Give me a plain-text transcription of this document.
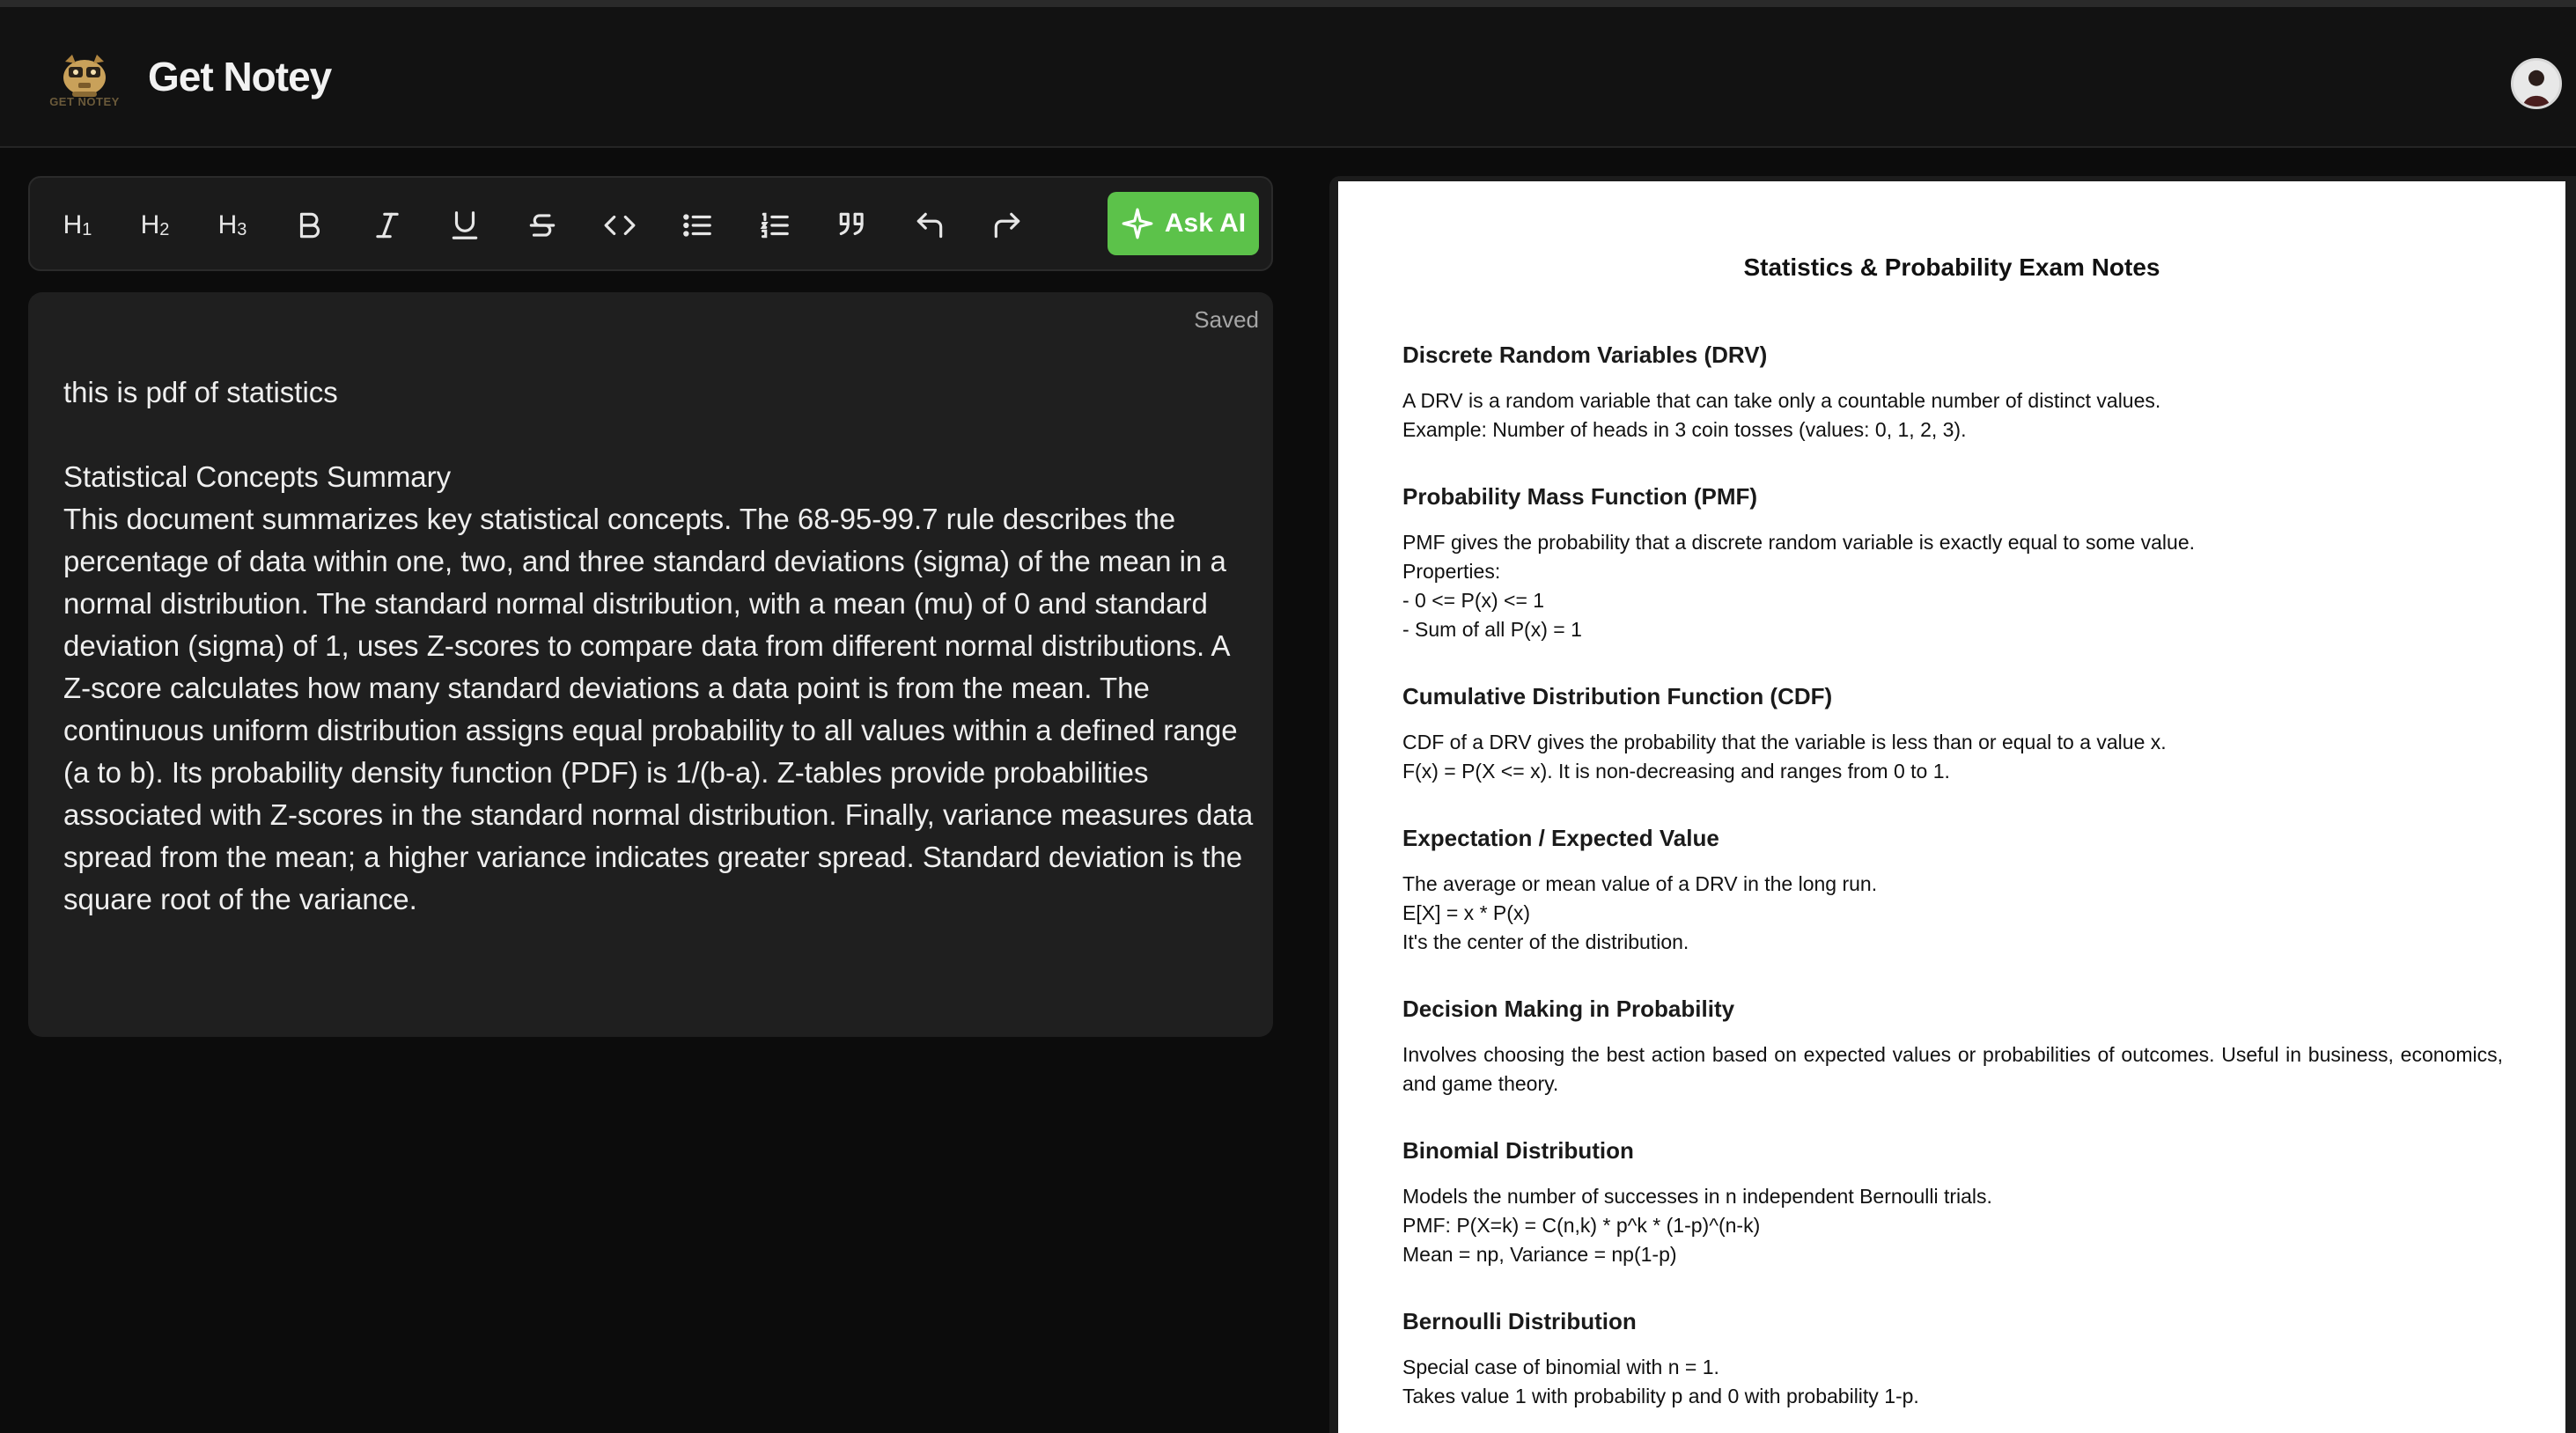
GET NOTEY
Get Notey
$H_1$ $H_2$ $H_3$	Ask AI
Saved

this is pdf of statistics

Statistical Concepts Summary

This document summarizes key statistical concepts. The 68-95-99.7 rule describes the percentage of data within one, two, and three standard deviations (sigma) of the mean in a normal distribution. The standard normal distribution, with a mean (mu) of 0 and standard deviation (sigma) of 1, uses Z-scores to compare data from different normal distributions. A Z-score calculates how many standard deviations a data point is from the mean. The continuous uniform distribution assigns equal probability to all values within a defined range (a to b). Its probability density function (PDF) is 1/(b-a). Z-tables provide probabilities associated with Z-scores in the standard normal distribution. Finally, variance measures data spread from the mean; a higher variance indicates greater spread. Standard deviation is the square root of the variance.

Statistics & Probability Exam Notes
Discrete Random Variables (DRV)
A DRV is a random variable that can take only a countable number of distinct values.
Example: Number of heads in 3 coin tosses (values: 0, 1, 2, 3).
Probability Mass Function (PMF)
PMF gives the probability that a discrete random variable is exactly equal to some value.
Properties:
- 0 <= P(x) <= 1
- Sum of all P(x) = 1
Cumulative Distribution Function (CDF)
CDF of a DRV gives the probability that the variable is less than or equal to a value x.
F(x) = P(X <= x). It is non-decreasing and ranges from 0 to 1.
Expectation / Expected Value
The average or mean value of a DRV in the long run.
E[X] = x * P(x)
It's the center of the distribution.
Decision Making in Probability
Involves choosing the best action based on expected values or probabilities of outcomes. Useful in business, economics, and game theory.
Binomial Distribution
Models the number of successes in n independent Bernoulli trials.
PMF: P(X=k) = C(n,k) * p^k * (1-p)^(n-k)
Mean = np, Variance = np(1-p)
Bernoulli Distribution
Special case of binomial with n = 1.
Takes value 1 with probability p and 0 with probability 1-p.
